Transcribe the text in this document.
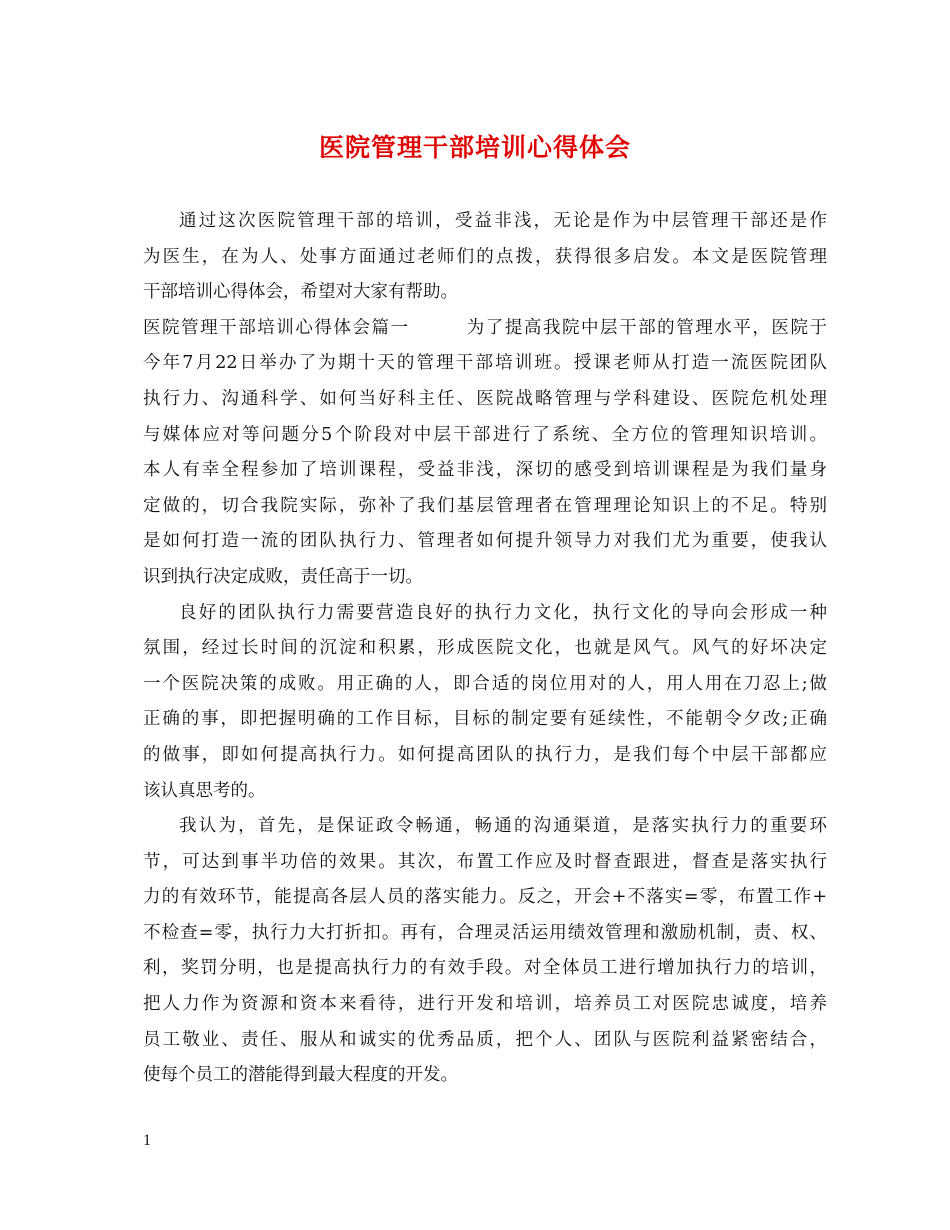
医院管理干部培训心得体会
通过这次医院管理干部的培训，受益非浅，无论是作为中层管理干部还是作
为医生，在为人、处事方面通过老师们的点拨，获得很多启发。本文是医院管理
干部培训心得体会，希望对大家有帮助。
医院管理干部培训心得体会篇一　　　为了提高我院中层干部的管理水平，医院于
今年7月22日举办了为期十天的管理干部培训班。授课老师从打造一流医院团队
执行力、沟通科学、如何当好科主任、医院战略管理与学科建设、医院危机处理
与媒体应对等问题分5个阶段对中层干部进行了系统、全方位的管理知识培训。
本人有幸全程参加了培训课程，受益非浅，深切的感受到培训课程是为我们量身
定做的，切合我院实际，弥补了我们基层管理者在管理理论知识上的不足。特别
是如何打造一流的团队执行力、管理者如何提升领导力对我们尤为重要，使我认
识到执行决定成败，责任高于一切。
良好的团队执行力需要营造良好的执行力文化，执行文化的导向会形成一种
氛围，经过长时间的沉淀和积累，形成医院文化，也就是风气。风气的好坏决定
一个医院决策的成败。用正确的人，即合适的岗位用对的人，用人用在刀忍上;做
正确的事，即把握明确的工作目标，目标的制定要有延续性，不能朝令夕改;正确
的做事，即如何提高执行力。如何提高团队的执行力，是我们每个中层干部都应
该认真思考的。
我认为，首先，是保证政令畅通，畅通的沟通渠道，是落实执行力的重要环
节，可达到事半功倍的效果。其次，布置工作应及时督查跟进，督查是落实执行
力的有效环节，能提高各层人员的落实能力。反之，开会+不落实=零，布置工作+
不检查=零，执行力大打折扣。再有，合理灵活运用绩效管理和激励机制，责、权、
利，奖罚分明，也是提高执行力的有效手段。对全体员工进行增加执行力的培训，
把人力作为资源和资本来看待，进行开发和培训，培养员工对医院忠诚度，培养
员工敬业、责任、服从和诚实的优秀品质，把个人、团队与医院利益紧密结合，
使每个员工的潜能得到最大程度的开发。
1
